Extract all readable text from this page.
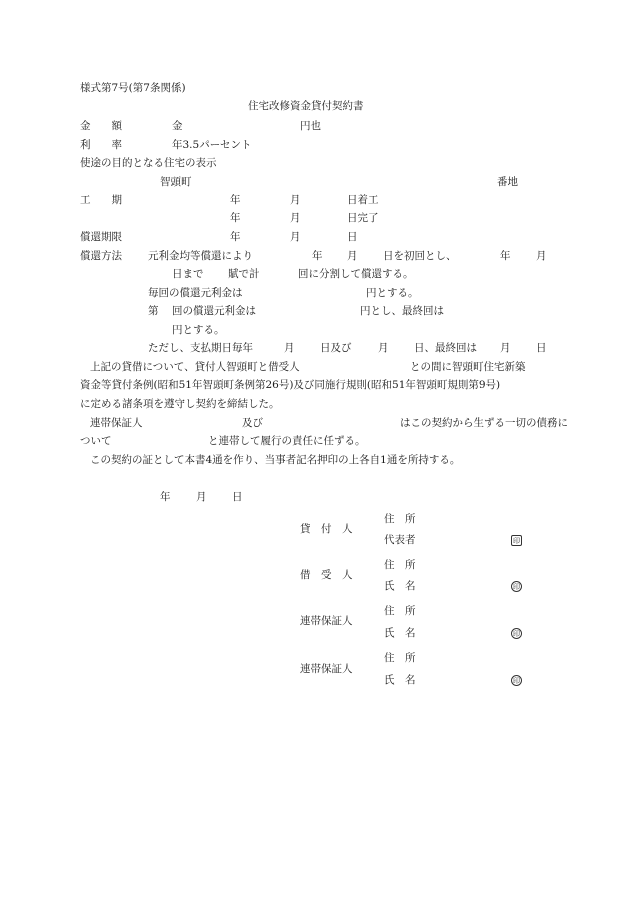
様式第7号(第7条関係)
住宅改修資金貸付契約書
金　　額	金	円也
利　　率	年3.5パーセント
使途の目的となる住宅の表示
智頭町	番地
工　　期	年	月	日着工
年	月	日完了
償還期限	年	月	日
償還方法 元利金均等償還により	年 月 日を初回とし、	年 月
日まで 賦で計	回に分割して償還する。
毎回の償還元利金は	円とする。
第 回の償還元利金は	円とし、最終回は
円とする。
ただし、支払期日毎年	月 日及び	月 日、最終回は 月 日
上記の貸借について、貸付人智頭町と借受人	との間に智頭町住宅新築
資金等貸付条例(昭和51年智頭町条例第26号)及び同施行規則(昭和51年智頭町規則第9号)
に定める諸条項を遵守し契約を締結した。
連帯保証人	及び	はこの契約から生ずる一切の債務に
ついて	と連帯して履行の責任に任ずる。
この契約の証として本書4通を作り、当事者記名押印の上各自1通を所持する。
年 月 日
貸　付　人
住　所
代表者	印
借　受　人
住　所
氏　名	印
連帯保証人
住　所
氏　名	印
連帯保証人
住　所
氏　名	印
